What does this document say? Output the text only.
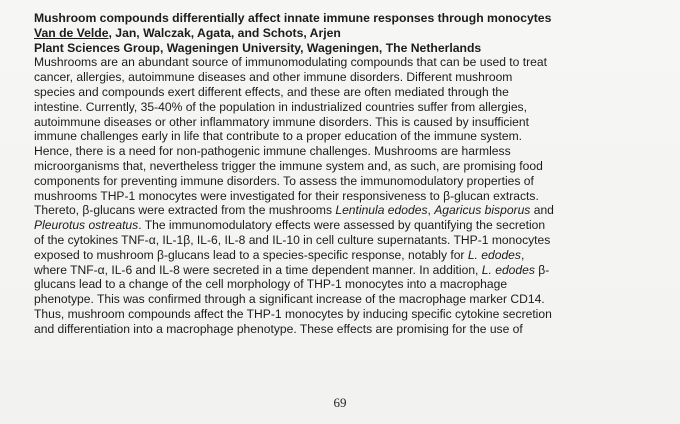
Mushroom compounds differentially affect innate immune responses through monocytes
Van de Velde, Jan, Walczak, Agata, and Schots, Arjen
Plant Sciences Group, Wageningen University, Wageningen, The Netherlands
Mushrooms are an abundant source of immunomodulating compounds that can be used to treat
cancer, allergies, autoimmune diseases and other immune disorders. Different mushroom
species and compounds exert different effects, and these are often mediated through the
intestine. Currently, 35-40% of the population in industrialized countries suffer from allergies,
autoimmune diseases or other inflammatory immune disorders. This is caused by insufficient
immune challenges early in life that contribute to a proper education of the immune system.
Hence, there is a need for non-pathogenic immune challenges. Mushrooms are harmless
microorganisms that, nevertheless trigger the immune system and, as such, are promising food
components for preventing immune disorders. To assess the immunomodulatory properties of
mushrooms THP-1 monocytes were investigated for their responsiveness to β-glucan extracts.
Thereto, β-glucans were extracted from the mushrooms Lentinula edodes, Agaricus bisporus and
Pleurotus ostreatus. The immunomodulatory effects were assessed by quantifying the secretion
of the cytokines TNF-α, IL-1β, IL-6, IL-8 and IL-10 in cell culture supernatants. THP-1 monocytes
exposed to mushroom β-glucans lead to a species-specific response, notably for L. edodes,
where TNF-α, IL-6 and IL-8 were secreted in a time dependent manner. In addition, L. edodes β-
glucans lead to a change of the cell morphology of THP-1 monocytes into a macrophage
phenotype. This was confirmed through a significant increase of the macrophage marker CD14.
Thus, mushroom compounds affect the THP-1 monocytes by inducing specific cytokine secretion
and differentiation into a macrophage phenotype. These effects are promising for the use of
69
